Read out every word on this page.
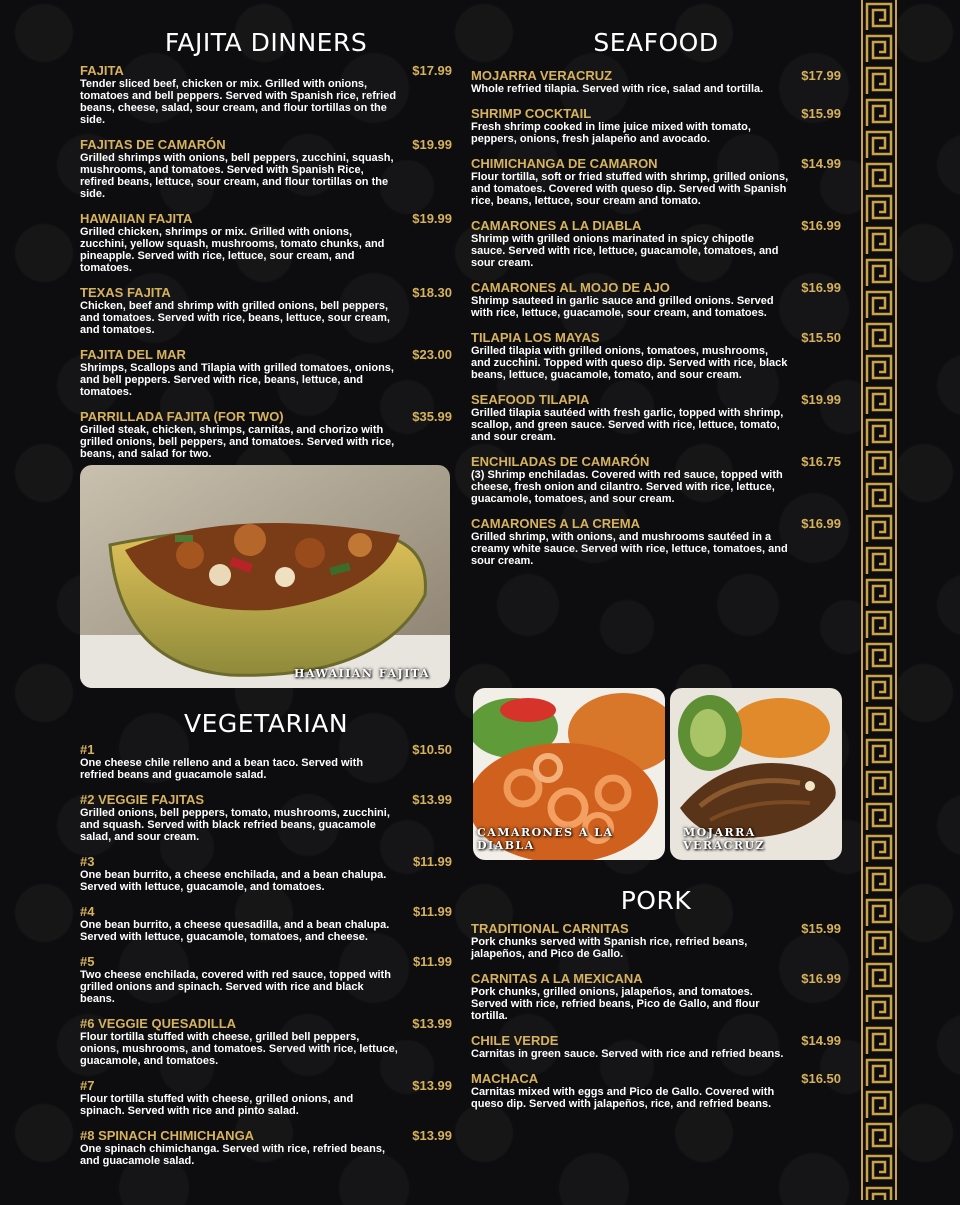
FAJITA DINNERS
FAJITA	$17.99
Tender sliced beef, chicken or mix. Grilled with onions, tomatoes and bell peppers. Served with Spanish rice, refried beans, cheese, salad, sour cream, and flour tortillas on the side.
FAJITAS DE CAMARÓN	$19.99
Grilled shrimps with onions, bell peppers, zucchini, squash, mushrooms, and tomatoes. Served with Spanish Rice, refired beans, lettuce, sour cream, and flour tortillas on the side.
HAWAIIAN FAJITA	$19.99
Grilled chicken, shrimps or mix. Grilled with onions, zucchini, yellow squash, mushrooms, tomato chunks, and pineapple. Served with rice, lettuce, sour cream, and tomatoes.
TEXAS FAJITA	$18.30
Chicken, beef and shrimp with grilled onions, bell peppers, and tomatoes. Served with rice, beans, lettuce, sour cream, and tomatoes.
FAJITA DEL MAR	$23.00
Shrimps, Scallops and Tilapia with grilled tomatoes, onions, and bell peppers. Served with rice, beans, lettuce, and tomatoes.
PARRILLADA FAJITA (FOR TWO)	$35.99
Grilled steak, chicken, shrimps, carnitas, and chorizo with grilled onions, bell peppers, and tomatoes. Served with rice, beans, and salad for two.
HAWAIIAN FAJITA
VEGETARIAN
#1	$10.50
One cheese chile relleno and a bean taco. Served with refried beans and guacamole salad.
#2 VEGGIE FAJITAS	$13.99
Grilled onions, bell peppers, tomato, mushrooms, zucchini, and squash. Served with black refried beans, guacamole salad, and sour cream.
#3	$11.99
One bean burrito, a cheese enchilada, and a bean chalupa. Served with lettuce, guacamole, and tomatoes.
#4	$11.99
One bean burrito, a cheese quesadilla, and a bean chalupa. Served with lettuce, guacamole, tomatoes, and cheese.
#5	$11.99
Two cheese enchilada, covered with red sauce, topped with grilled onions and spinach. Served with rice and black beans.
#6 VEGGIE QUESADILLA	$13.99
Flour tortilla stuffed with cheese, grilled bell peppers, onions, mushrooms, and tomatoes. Served with rice, lettuce, guacamole, and tomatoes.
#7	$13.99
Flour tortilla stuffed with cheese, grilled onions, and spinach. Served with rice and pinto salad.
#8 SPINACH CHIMICHANGA	$13.99
One spinach chimichanga. Served with rice, refried beans, and guacamole salad.
SEAFOOD
MOJARRA VERACRUZ	$17.99
Whole refried tilapia. Served with rice, salad and tortilla.
SHRIMP COCKTAIL	$15.99
Fresh shrimp cooked in lime juice mixed with tomato, peppers, onions, fresh jalapeño and avocado.
CHIMICHANGA DE CAMARON	$14.99
Flour tortilla, soft or fried stuffed with shrimp, grilled onions, and tomatoes. Covered with queso dip. Served with Spanish rice, beans, lettuce, sour cream and tomato.
CAMARONES A LA DIABLA	$16.99
Shrimp with grilled onions marinated in spicy chipotle sauce. Served with rice, lettuce, guacamole, tomatoes, and sour cream.
CAMARONES AL MOJO DE AJO	$16.99
Shrimp sauteed in garlic sauce and grilled onions. Served with rice, lettuce, guacamole, sour cream, and tomatoes.
TILAPIA LOS MAYAS	$15.50
Grilled tilapia with grilled onions, tomatoes, mushrooms, and zucchini. Topped with queso dip. Served with rice, black beans, lettuce, guacamole, tomato, and sour cream.
SEAFOOD TILAPIA	$19.99
Grilled tilapia sautéed with fresh garlic, topped with shrimp, scallop, and green sauce. Served with rice, lettuce, tomato, and sour cream.
ENCHILADAS DE CAMARÓN	$16.75
(3) Shrimp enchiladas. Covered with red sauce, topped with cheese, fresh onion and cilantro. Served with rice, lettuce, guacamole, tomatoes, and sour cream.
CAMARONES A LA CREMA	$16.99
Grilled shrimp, with onions, and mushrooms sautéed in a creamy white sauce. Served with rice, lettuce, tomatoes, and sour cream.
CAMARONES A LA DIABLA
MOJARRA VERACRUZ
PORK
TRADITIONAL CARNITAS	$15.99
Pork chunks served with Spanish rice, refried beans, jalapeños, and Pico de Gallo.
CARNITAS A LA MEXICANA	$16.99
Pork chunks, grilled onions, jalapeños, and tomatoes. Served with rice, refried beans, Pico de Gallo, and flour tortilla.
CHILE VERDE	$14.99
Carnitas in green sauce. Served with rice and refried beans.
MACHACA	$16.50
Carnitas mixed with eggs and Pico de Gallo. Covered with queso dip. Served with jalapeños, rice, and refried beans.
